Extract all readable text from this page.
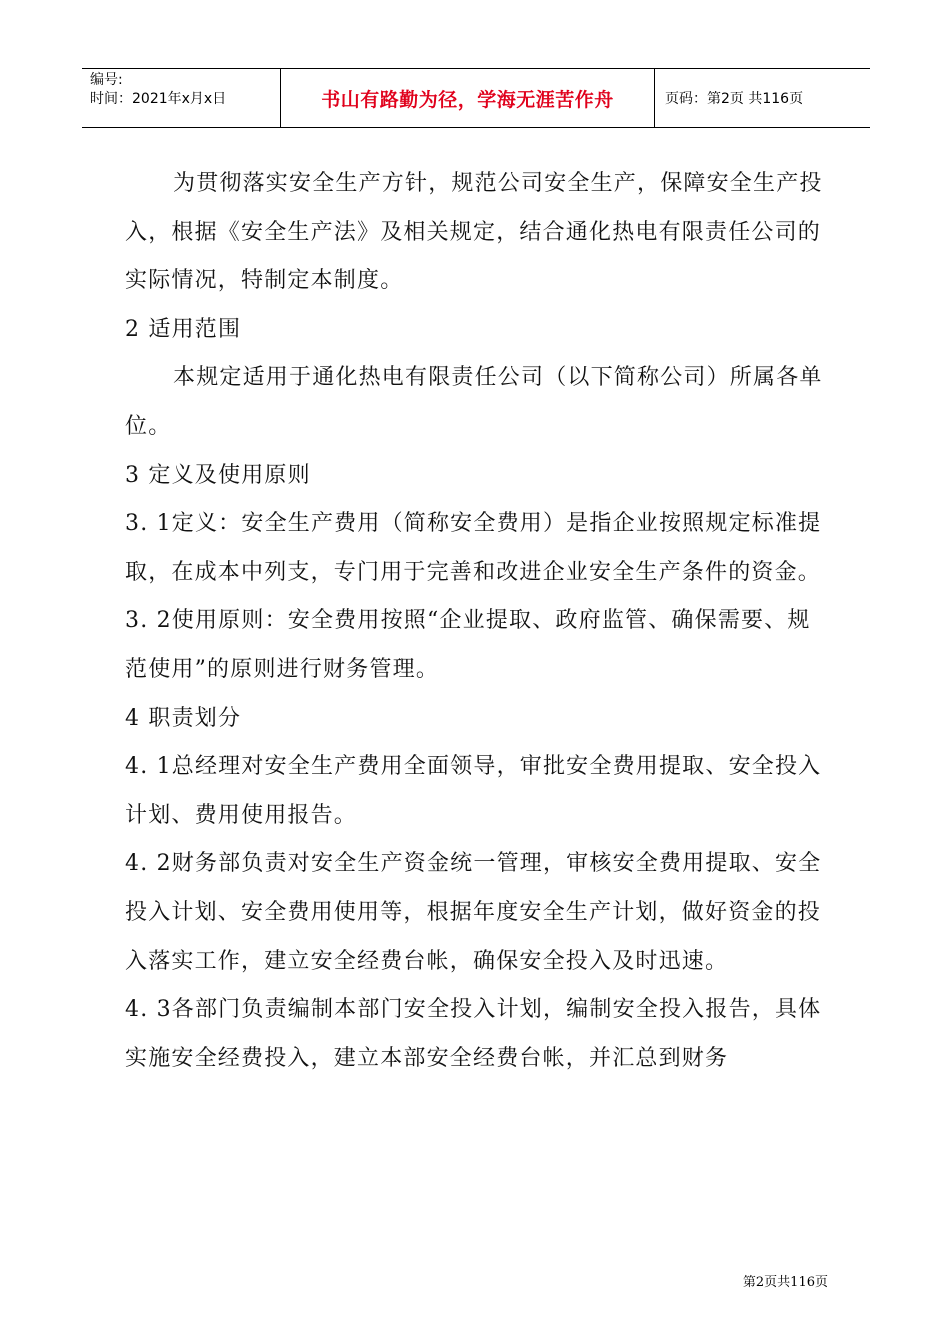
编号:
时间：2021年x月x日	书山有路勤为径，学海无涯苦作舟	页码：第2页 共116页

为贯彻落实安全生产方针，规范公司安全生产，保障安全生产投入，根据《安全生产法》及相关规定，结合通化热电有限责任公司的实际情况，特制定本制度。

2 适用范围

本规定适用于通化热电有限责任公司（以下简称公司）所属各单位。

3 定义及使用原则

3. 1定义：安全生产费用（简称安全费用）是指企业按照规定标准提取，在成本中列支，专门用于完善和改进企业安全生产条件的资金。

3. 2使用原则：安全费用按照“企业提取、政府监管、确保需要、规范使用”的原则进行财务管理。

4 职责划分

4. 1总经理对安全生产费用全面领导，审批安全费用提取、安全投入计划、费用使用报告。

4. 2财务部负责对安全生产资金统一管理，审核安全费用提取、安全投入计划、安全费用使用等，根据年度安全生产计划，做好资金的投入落实工作，建立安全经费台帐，确保安全投入及时迅速。

4. 3各部门负责编制本部门安全投入计划，编制安全投入报告，具体实施安全经费投入，建立本部安全经费台帐，并汇总到财务

第2页共116页
